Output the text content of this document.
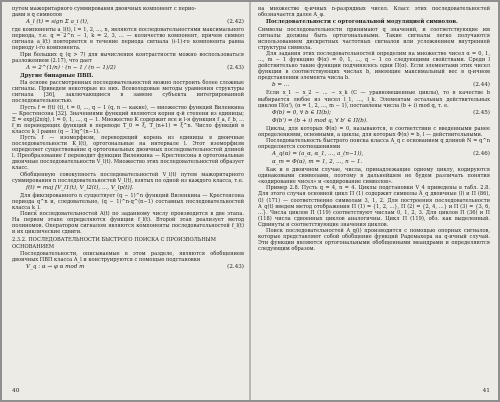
путем мажоритарного суммирования двоичных компонент с перио-
дами в q символов

A_l (t) = sign Σ a_i (t),	(2.42)

где компоненты a_l(t), l = 1, 2, ..., n, являются последовательностями максимального периода, т.е. q = 2^n − 1, k = 2, 3, ... — количество компонент, причем символ сигнала a_l(t) повторяется в течение периода сигнала (i-1)-го компонента равна периоду i-го компонента.

При больших q (q > 7) для вычисления контрастности можно воспользоваться разложением (2.17), что дает

Λ ≈ 2^(1/n) · (n − 1 / (n − 1)/2)	(2.43)
Другие бинарные ПВП.

На основе рассмотренных последовательностей можно построить более сложные сигналы. Приведем некоторые из них. Всеволодовые методы уравнения структуры сигнала [36], заключающиеся в замене субъекта интегрированной последовательностью.

Пусть f = f(t) (t), t = 0, ..., q − 1 (q, n — какие), — множество функций Виленкина — Крестенсона [32]. Значениями функций являются корни q-й степени из единицы; Ξ = exp(j2π/q), l = 0, 1, ..., q − 1. Множество K содержит все и l-я функция f_a, f_b, ... f_m переводящих функций в переводе T_0 = ξ, T_(n+1) = ξ^n. Число функций в классе k_l равно (q − 1)q^(n−1).

Пусть f — изоморфизм, переводящий корень из единицы в двоичные последовательности K_l(t), ортогональные на интервале l. Этот изоморфизм определяет существование q ортогональных двоичных последовательностей длиной l. Преобразование f переводит функции Виленкина — Крестенсона в ортогональные двоичные последовательности V_l(t). Множество этих последовательностей образует класс.

Обобщенную совокупность последовательностей V_l(t) путем мажоритарного суммирования n последовательностей V_l(t), взятых по одной из каждого класса, т.е.

f(t) = maj [V_l1(t), V_l2(t), ..., V_lp(t)].

Для фиксированного n существует (q − 1)^n функций Виленкина — Крестенсона периода q^n и, следовательно, (q − 1)^n·q^(n−1) составных последовательностей класса k_l.

Поиск последовательностей A(t) по заданному числу производится в две этапа. На первом этапе определяются функции f_l(t). Второй этап реализует метод полиномов. Оператором сигналом являются компоненты последовательностей f_l(t) и их циклические сдвиги.

2.3.2. ПОСЛЕДОВАТЕЛЬНОСТИ БЫСТРОГО ПОИСКА С ПРОИЗВОЛЬНЫМ
ОСНОВАНИЕМ

Последовательности, описываемые в этом разделе, являются обобщением двоичных ПВП класса A_l и конструируются с помощью подстановки

V_q : α → φ α mod m	(2.43)
40

на множестве q-ичных n-разрядных чисел. Класс этих последовательностей обозначается далее A_φ.

Последовательности с ортогональной модуляцией символов.

Символы последовательности принимают q значений, и соответствующие им сигналы должны быть ортогональными. Такие сигналы легко получаются использованием дискретных частотных сигналов или усложнением внутренней структуры символа.

Для задания этих последовательностей определим на множестве чисел α = 0, 1, ..., m − 1 функцию Φ(α) = 0, 1, ..., q − 1 со следующими свойствами. Среди l действительно такие функции подчинялось одни Π(α). Если элементами этих чисел функции в соответствующих числах b, имеющие максимальный вес в q-ичном представлении элемента числа b.

b = ...	(2.44)

Если x_1 − x_2 − ... − x_k (C — уравновешенные циклы), то в качестве b выбирается любое из чисел l_1, ..., l_k. Элементам остальных действительных циклов Π(α'), (α = 1, 2, ..., m − 1), поставлены числа (b + i) mod q, т. е.

Φ(b) = 0, ∀ b ∈ Π(b);	(2.45)
Φ(b') = (b + i) mod q, ∀ b' ∈ Π(b).

Циклы, для которых Φ(α) = 0, называются, в соответствии с введенными ранее определениями, основными, а циклы, для которых Φ(α) = b, l — действительными.

Последовательность быстрого поиска класса A_q с основанием q длиной N = q^n определяется соотношениями

A_q(α) = (a_α, α_1, ..., a_(n−1)),	(2.46)
α_m = Φ(α), m = 1, 2, ..., n − 1.

Как и в двоичном случае, числа, принадлежащие одному циклу, кодируются одинаковыми символами, поэтому в дальнейшем не будем различать понятия «кодирование чисел» и «кодирование символов».

Пример 2.8. Пусть q = 4, n = 4. Циклы подстановки V_4 приведены в табл. 2.8. Для этого случая основной цикл Π (1) содержит символы A_q двоичные (l) и Π (86), (l) (171) — соответственно символам 3, 1, 2. Для построения последовательности A_q(t) введем метод отображения Π (1) = {1, 2, ...}, Π (2) = {2, 4, ...} и Π (3) = {3, 6, ...}. Числа циклов Π (119) соответствуют числам 0, 1, 2, 3. Для циклов Π (36) и Π (118) числа сдвоенных циклов аналогичны. Цикл Π (119), обз. как выделенный. Сдвинуты и соответствующие значения циклов.

Поиск последовательностей A_q(i) производится с помощью опорных сигналов, которые представляют собой обобщение функций Радемахера на q-ичный случай. Эти функции являются ортогональными обобщенными меандрами и определяются следующим образом.

41
